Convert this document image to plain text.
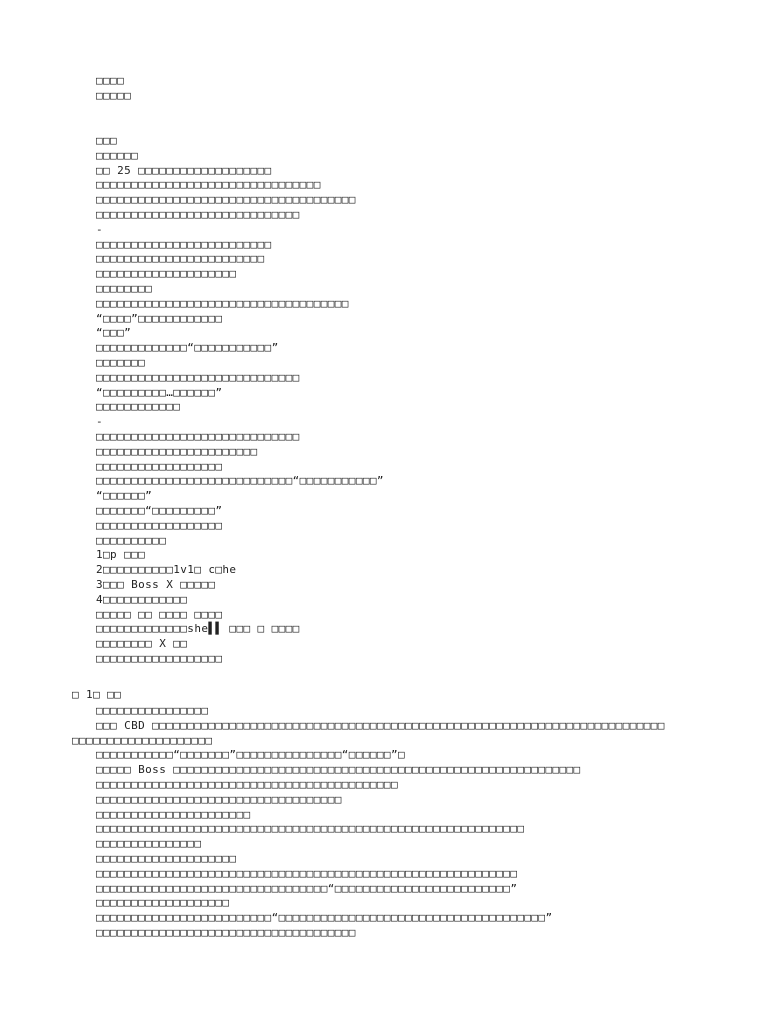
□□□□
□□□□□
□□□
□□□□□□
□□ 25 □□□□□□□□□□□□□□□□□□□
□□□□□□□□□□□□□□□□□□□□□□□□□□□□□□□□
□□□□□□□□□□□□□□□□□□□□□□□□□□□□□□□□□□□□□
□□□□□□□□□□□□□□□□□□□□□□□□□□□□□
-
□□□□□□□□□□□□□□□□□□□□□□□□□
□□□□□□□□□□□□□□□□□□□□□□□□
□□□□□□□□□□□□□□□□□□□□
□□□□□□□□
□□□□□□□□□□□□□□□□□□□□□□□□□□□□□□□□□□□□
“□□□□”□□□□□□□□□□□□
“□□□”
□□□□□□□□□□□□□“□□□□□□□□□□□”
□□□□□□□
□□□□□□□□□□□□□□□□□□□□□□□□□□□□□
“□□□□□□□□□…□□□□□□”
□□□□□□□□□□□□
-
□□□□□□□□□□□□□□□□□□□□□□□□□□□□□
□□□□□□□□□□□□□□□□□□□□□□□
□□□□□□□□□□□□□□□□□□
□□□□□□□□□□□□□□□□□□□□□□□□□□□□“□□□□□□□□□□□”
“□□□□□□”
□□□□□□□“□□□□□□□□□”
□□□□□□□□□□□□□□□□□□
□□□□□□□□□□
1□p □□□
2□□□□□□□□□□1v1□ c□he
3□□□ Boss X □□□□□
4□□□□□□□□□□□□
□□□□□ □□ □□□□ □□□□
□□□□□□□□□□□□□she▌▌ □□□ □ □□□□
□□□□□□□□ X □□
□□□□□□□□□□□□□□□□□□
□ 1□ □□
□□□□□□□□□□□□□□□□
□□□ CBD □□□□□□□□□□□□□□□□□□□□□□□□□□□□□□□□□□□□□□□□□□□□□□□□□□□□□□□□□□□□□□□□□□□□□□□□□
□□□□□□□□□□□□□□□□□□□□
□□□□□□□□□□□“□□□□□□□”□□□□□□□□□□□□□□□“□□□□□□”□
□□□□□ Boss □□□□□□□□□□□□□□□□□□□□□□□□□□□□□□□□□□□□□□□□□□□□□□□□□□□□□□□□□□
□□□□□□□□□□□□□□□□□□□□□□□□□□□□□□□□□□□□□□□□□□□
□□□□□□□□□□□□□□□□□□□□□□□□□□□□□□□□□□□
□□□□□□□□□□□□□□□□□□□□□□
□□□□□□□□□□□□□□□□□□□□□□□□□□□□□□□□□□□□□□□□□□□□□□□□□□□□□□□□□□□□□
□□□□□□□□□□□□□□□
□□□□□□□□□□□□□□□□□□□□
□□□□□□□□□□□□□□□□□□□□□□□□□□□□□□□□□□□□□□□□□□□□□□□□□□□□□□□□□□□□
□□□□□□□□□□□□□□□□□□□□□□□□□□□□□□□□□“□□□□□□□□□□□□□□□□□□□□□□□□□”
□□□□□□□□□□□□□□□□□□□
□□□□□□□□□□□□□□□□□□□□□□□□□“□□□□□□□□□□□□□□□□□□□□□□□□□□□□□□□□□□□□□□”
□□□□□□□□□□□□□□□□□□□□□□□□□□□□□□□□□□□□□
